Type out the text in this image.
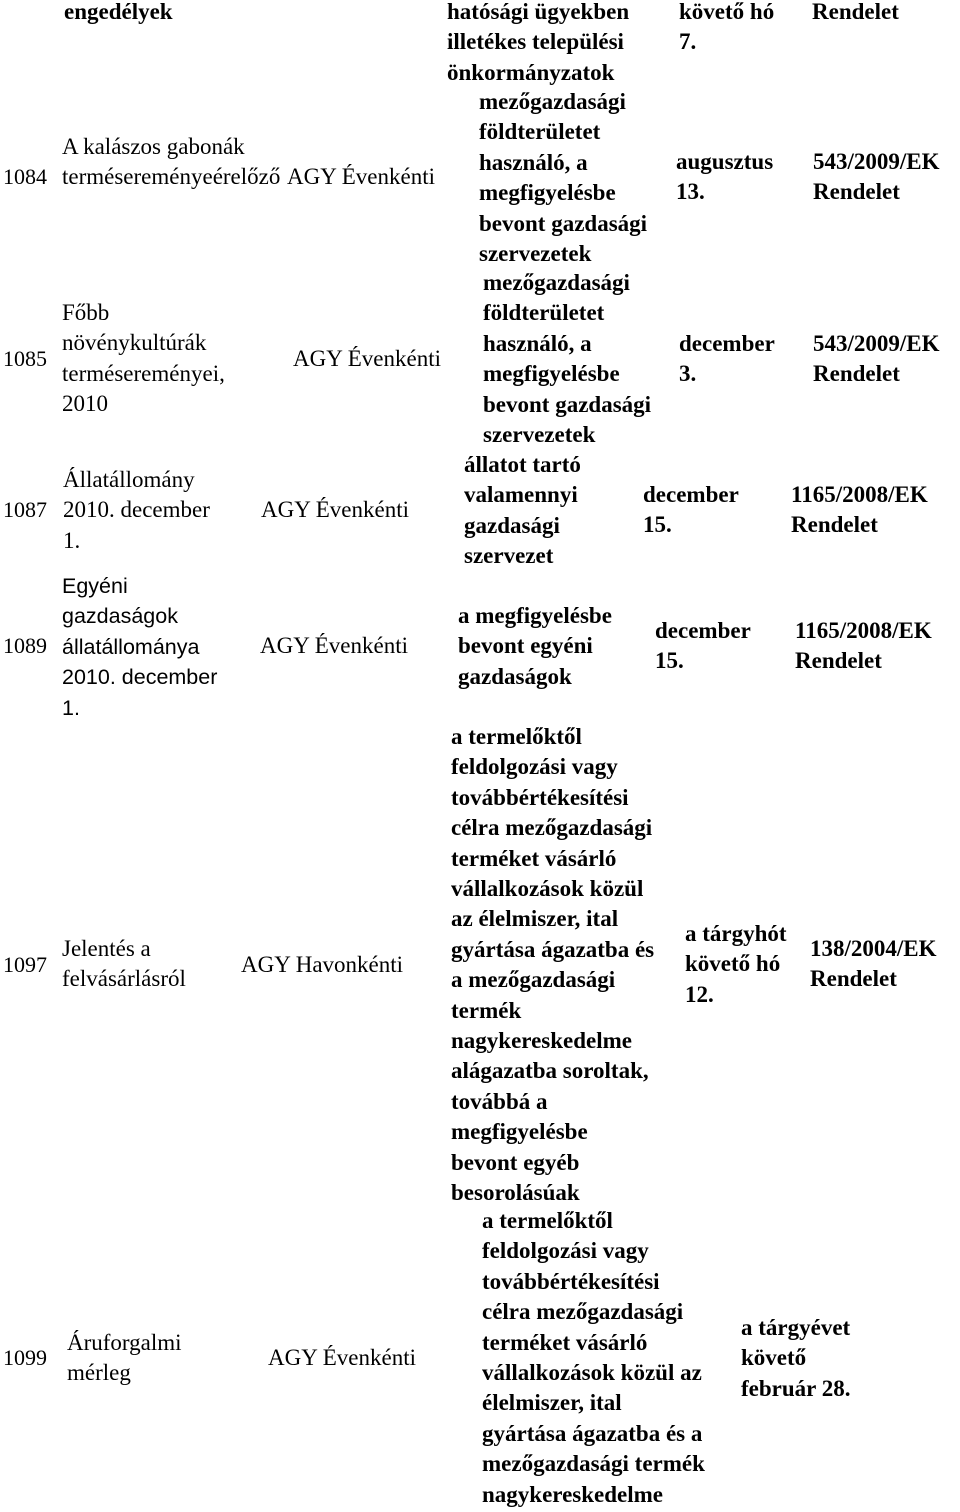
engedélyek	hatósági ügyekben
illetékes települési
önkormányzatok
követő hó
7.
Rendelet
1084
A kalászos gabonák
termésereményeérelőző AGY Évenkénti
mezőgazdasági
földterületet
használó, a
megfigyelésbe
bevont gazdasági
szervezetek
augusztus
13.
543/2009/EK
Rendelet
1085
Főbb
növénykultúrák
termésereményei,
2010
AGY Évenkénti
mezőgazdasági
földterületet
használó, a
megfigyelésbe
bevont gazdasági
szervezetek
december
3.
543/2009/EK
Rendelet
1087
Állatállomány
2010. december
1.
AGY Évenkénti
állatot tartó
valamennyi
gazdasági
szervezet
december
15.
1165/2008/EK
Rendelet
1089
Egyéni
gazdaságok
állatállománya
2010. december
1.
AGY Évenkénti
a megfigyelésbe
bevont egyéni
gazdaságok
december
15.
1165/2008/EK
Rendelet
1097
Jelentés a
felvásárlásról
AGY Havonkénti
a termelőktől
feldolgozási vagy
továbbértékesítési
célra mezőgazdasági
terméket vásárló
vállalkozások közül
az élelmiszer, ital
gyártása ágazatba és
a mezőgazdasági
termék
nagykereskedelme
alágazatba soroltak,
továbbá a
megfigyelésbe
bevont egyéb
besorolásúak
a tárgyhót
követő hó
12.
138/2004/EK
Rendelet
1099
Áruforgalmi
mérleg
AGY Évenkénti
a termelőktől
feldolgozási vagy
továbbértékesítési
célra mezőgazdasági
terméket vásárló
vállalkozások közül az
élelmiszer, ital
gyártása ágazatba és a
mezőgazdasági termék
nagykereskedelme
a tárgyévet
követő
február 28.
